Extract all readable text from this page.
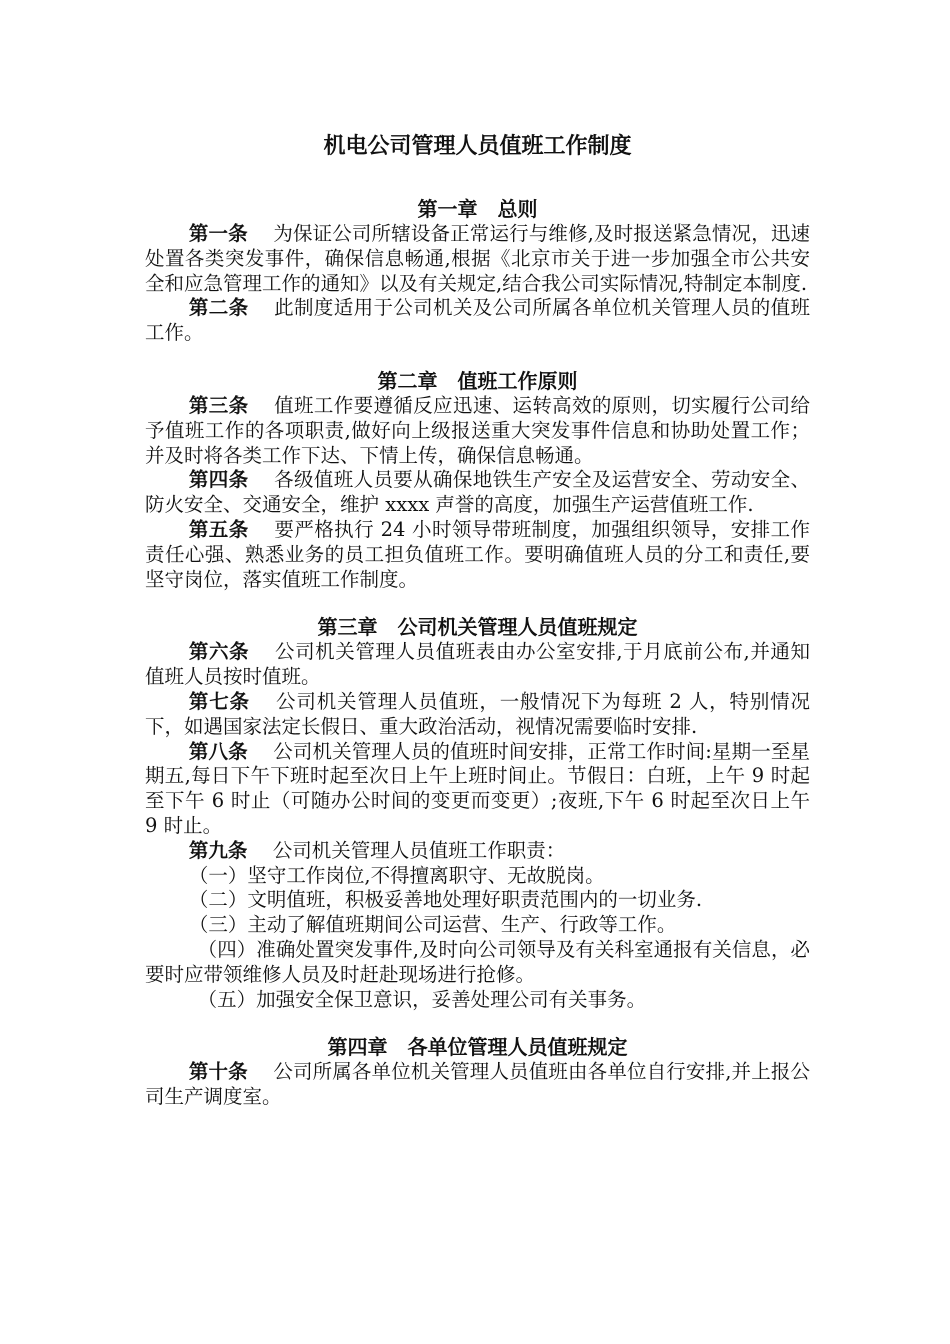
机电公司管理人员值班工作制度
第一章　总则

第一条 为保证公司所辖设备正常运行与维修,及时报送紧急情况，迅速处置各类突发事件，确保信息畅通,根据《北京市关于进一步加强全市公共安全和应急管理工作的通知》以及有关规定,结合我公司实际情况,特制定本制度.

第二条 此制度适用于公司机关及公司所属各单位机关管理人员的值班工作。

第二章　值班工作原则

第三条 值班工作要遵循反应迅速、运转高效的原则，切实履行公司给予值班工作的各项职责,做好向上级报送重大突发事件信息和协助处置工作；并及时将各类工作下达、下情上传，确保信息畅通。

第四条 各级值班人员要从确保地铁生产安全及运营安全、劳动安全、防火安全、交通安全，维护 xxxx 声誉的高度，加强生产运营值班工作.

第五条 要严格执行 24 小时领导带班制度，加强组织领导，安排工作责任心强、熟悉业务的员工担负值班工作。要明确值班人员的分工和责任,要坚守岗位，落实值班工作制度。

第三章　公司机关管理人员值班规定

第六条 公司机关管理人员值班表由办公室安排,于月底前公布,并通知值班人员按时值班。

第七条 公司机关管理人员值班，一般情况下为每班 2 人，特别情况下，如遇国家法定长假日、重大政治活动，视情况需要临时安排.

第八条 公司机关管理人员的值班时间安排，正常工作时间:星期一至星期五,每日下午下班时起至次日上午上班时间止。节假日：白班，上午 9 时起至下午 6 时止（可随办公时间的变更而变更）;夜班,下午 6 时起至次日上午 9 时止。

第九条 公司机关管理人员值班工作职责：

（一）坚守工作岗位,不得擅离职守、无故脱岗。

（二）文明值班，积极妥善地处理好职责范围内的一切业务.

（三）主动了解值班期间公司运营、生产、行政等工作。

（四）准确处置突发事件,及时向公司领导及有关科室通报有关信息，必要时应带领维修人员及时赶赴现场进行抢修。

（五）加强安全保卫意识，妥善处理公司有关事务。

第四章　各单位管理人员值班规定

第十条 公司所属各单位机关管理人员值班由各单位自行安排,并上报公司生产调度室。
